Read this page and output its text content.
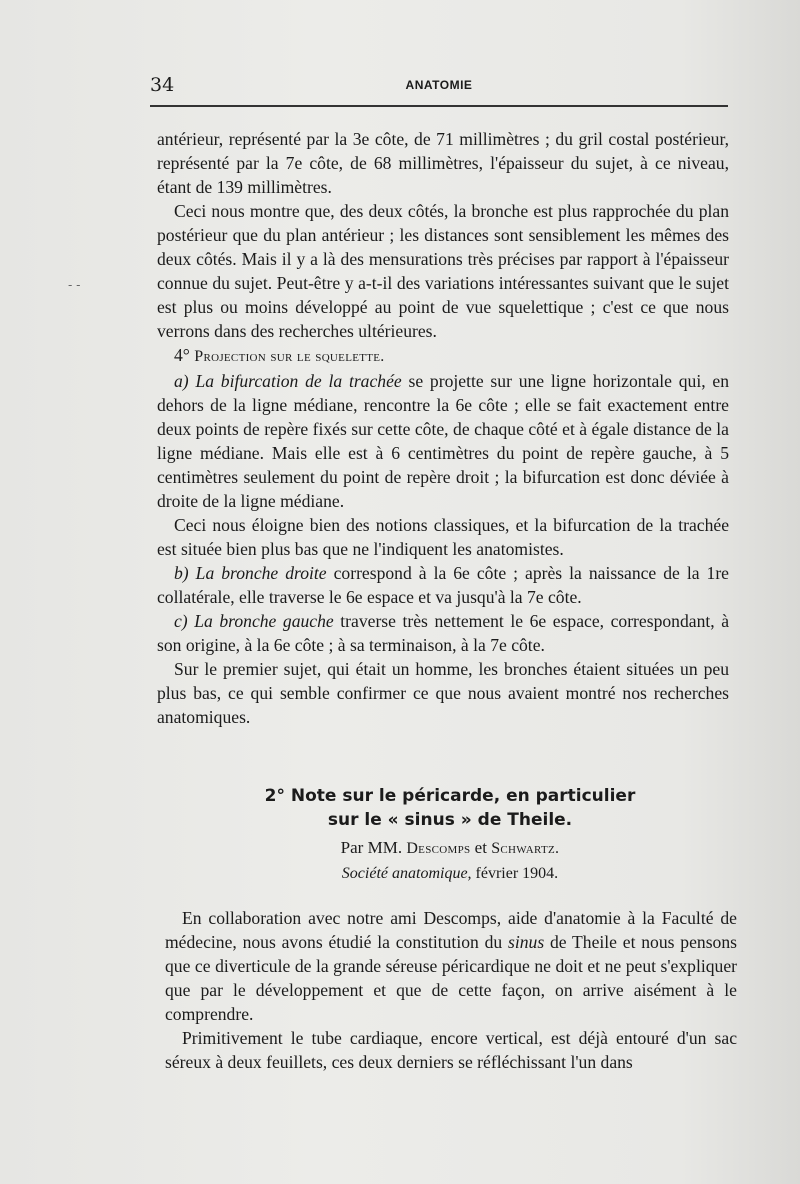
34	ANATOMIE
- -

antérieur, représenté par la 3e côte, de 71 millimètres ; du gril costal postérieur, représenté par la 7e côte, de 68 millimètres, l'épaisseur du sujet, à ce niveau, étant de 139 millimètres.

Ceci nous montre que, des deux côtés, la bronche est plus rapprochée du plan postérieur que du plan antérieur ; les distances sont sensiblement les mêmes des deux côtés. Mais il y a là des mensurations très précises par rapport à l'épaisseur connue du sujet. Peut-être y a-t-il des variations intéressantes suivant que le sujet est plus ou moins développé au point de vue squelettique ; c'est ce que nous verrons dans des recherches ultérieures.

4° Projection sur le squelette.

a) La bifurcation de la trachée se projette sur une ligne horizontale qui, en dehors de la ligne médiane, rencontre la 6e côte ; elle se fait exactement entre deux points de repère fixés sur cette côte, de chaque côté et à égale distance de la ligne médiane. Mais elle est à 6 centimètres du point de repère gauche, à 5 centimètres seulement du point de repère droit ; la bifurcation est donc déviée à droite de la ligne médiane.

Ceci nous éloigne bien des notions classiques, et la bifurcation de la trachée est située bien plus bas que ne l'indiquent les anatomistes.

b) La bronche droite correspond à la 6e côte ; après la naissance de la 1re collatérale, elle traverse le 6e espace et va jusqu'à la 7e côte.

c) La bronche gauche traverse très nettement le 6e espace, correspondant, à son origine, à la 6e côte ; à sa terminaison, à la 7e côte.

Sur le premier sujet, qui était un homme, les bronches étaient situées un peu plus bas, ce qui semble confirmer ce que nous avaient montré nos recherches anatomiques.

2° Note sur le péricarde, en particulier
sur le « sinus » de Theile.
Par MM. Descomps et Schwartz.
Société anatomique, février 1904.

En collaboration avec notre ami Descomps, aide d'anatomie à la Faculté de médecine, nous avons étudié la constitution du sinus de Theile et nous pensons que ce diverticule de la grande séreuse péricardique ne doit et ne peut s'expliquer que par le développement et que de cette façon, on arrive aisément à le comprendre.

Primitivement le tube cardiaque, encore vertical, est déjà entouré d'un sac séreux à deux feuillets, ces deux derniers se réfléchissant l'un dans
